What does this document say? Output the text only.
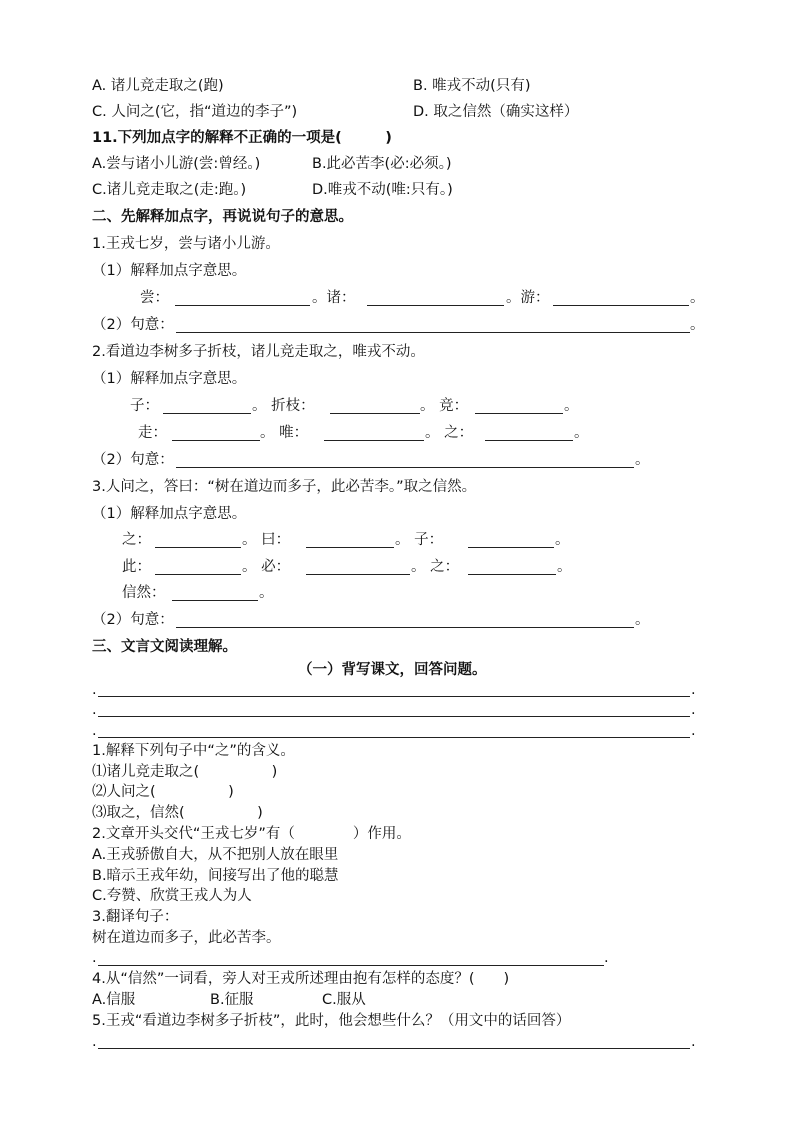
A. 诸儿竞走取之(跑)	B. 唯戎不动(只有)
C. 人问之(它，指“道边的李子”)	D. 取之信然（确实这样）
11.下列加点字的解释不正确的一项是(　　　)
A.尝与诸小儿游(尝:曾经。)	B.此必苦李(必:必须。)
C.诸儿竞走取之(走:跑。)	D.唯戎不动(唯:只有。)
二、先解释加点字，再说说句子的意思。
1.王戎七岁，尝与诸小儿游。
（1）解释加点字意思。
尝：	。诸：	。游：	。
（2）句意：	。
2.看道边李树多子折枝，诸儿竞走取之，唯戎不动。
（1）解释加点字意思。
子：	。 折枝：	。 竞：	。
走：	。 唯：	。 之：	。
（2）句意：	。
3.人问之，答曰：“树在道边而多子，此必苦李。”取之信然。
（1）解释加点字意思。
之：	。 曰：	。 子：	。
此：	。 必：	。 之：	。
信然：	。
（2）句意：	。
三、文言文阅读理解。
（一）背写课文，回答问题。
.	.
.	.
.	.
1.解释下列句子中“之”的含义。
⑴诸儿竞走取之(　　　　　)
⑵人问之(　　　　　)
⑶取之，信然(　　　　　)
2.文章开头交代“王戎七岁”有（　　　　）作用。
A.王戎骄傲自大，从不把别人放在眼里
B.暗示王戎年幼，间接写出了他的聪慧
C.夸赞、欣赏王戎人为人
3.翻译句子：
树在道边而多子，此必苦李。
.	.
4.从“信然”一词看，旁人对王戎所述理由抱有怎样的态度？(　　)
A.信服	B.征服	C.服从
5.王戎“看道边李树多子折枝”，此时，他会想些什么？（用文中的话回答）
.	.
